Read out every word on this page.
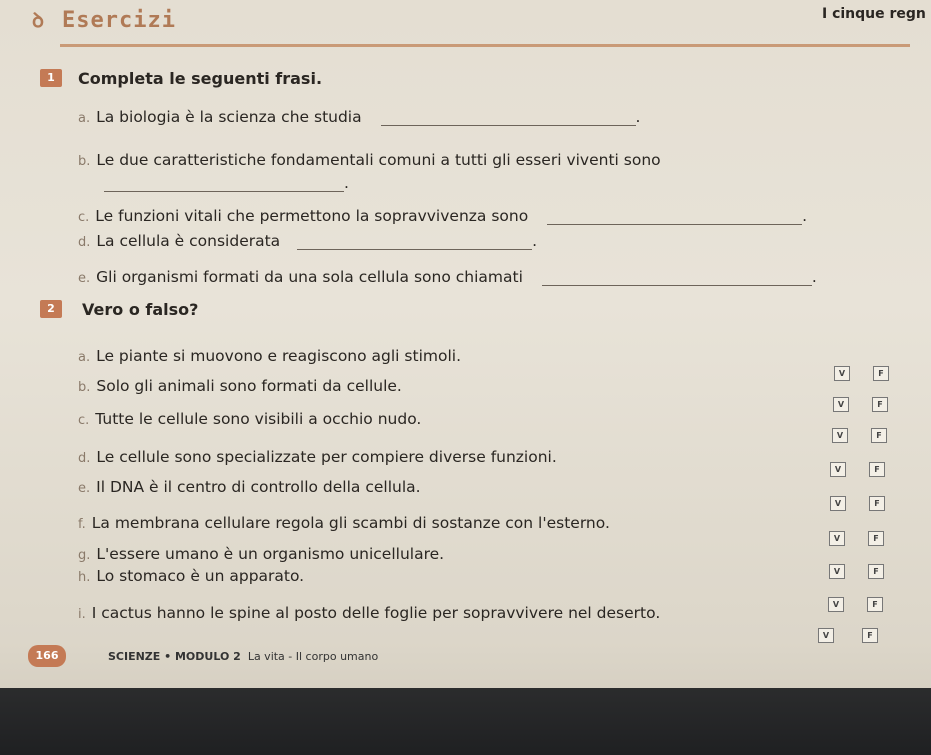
ꝺ Esercizi	I cinque regn
1	Completa le seguenti frasi.
a. La biologia è la scienza che studia	.
b. Le due caratteristiche fondamentali comuni a tutti gli esseri viventi sono
.
c. Le funzioni vitali che permettono la sopravvivenza sono	.
d. La cellula è considerata	.
e. Gli organismi formati da una sola cellula sono chiamati	.
2	Vero o falso?
a. Le piante si muovono e reagiscono agli stimoli.
V	F
b. Solo gli animali sono formati da cellule.
V	F
c. Tutte le cellule sono visibili a occhio nudo.
V	F
d. Le cellule sono specializzate per compiere diverse funzioni.
V	F
e. Il DNA è il centro di controllo della cellula.
V	F
f. La membrana cellulare regola gli scambi di sostanze con l'esterno.
V	F
g. L'essere umano è un organismo unicellulare.
V	F
h. Lo stomaco è un apparato.
V	F
i. I cactus hanno le spine al posto delle foglie per sopravvivere nel deserto.
V	F
166	SCIENZE • MODULO 2 La vita - Il corpo umano
